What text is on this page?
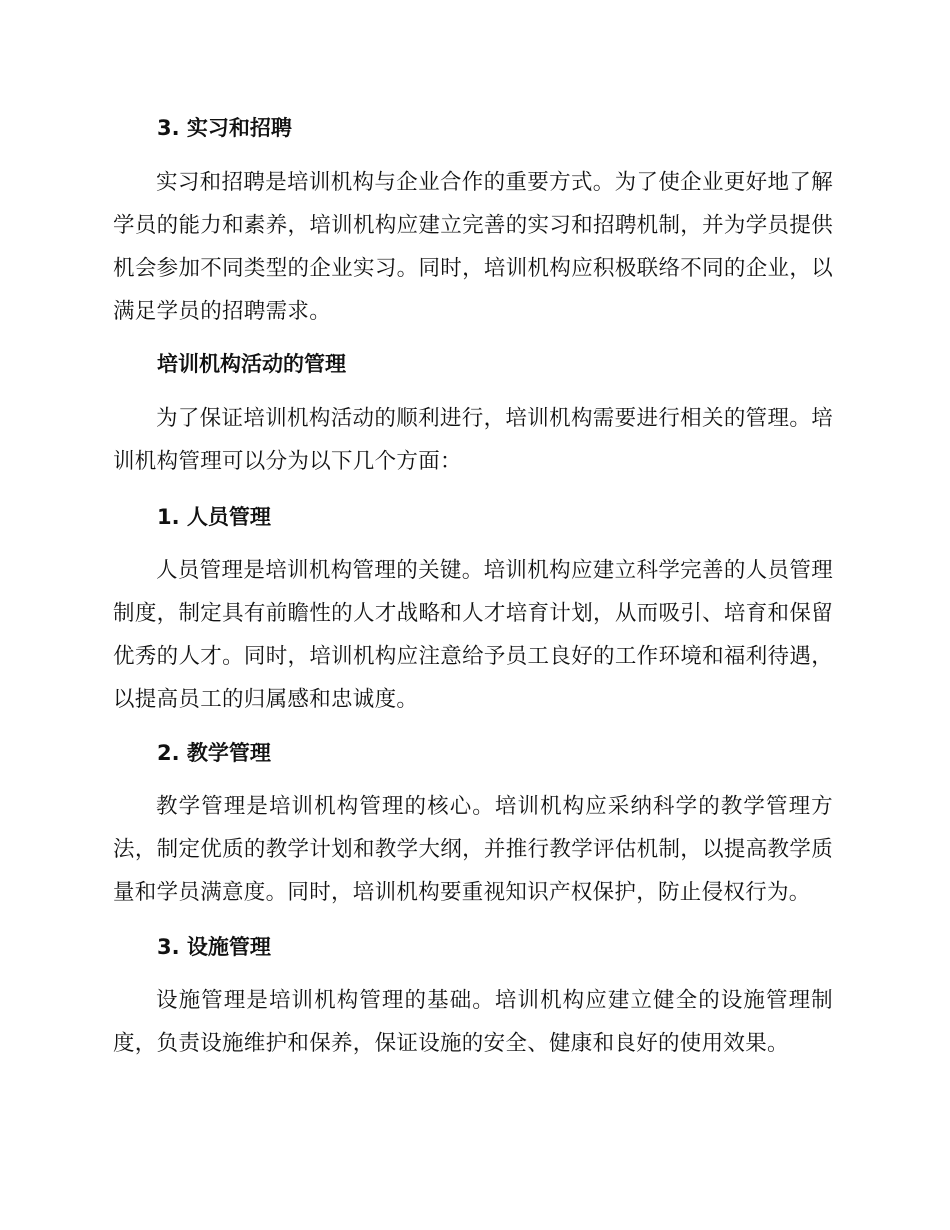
3. 实习和招聘
实习和招聘是培训机构与企业合作的重要方式。为了使企业更好地了解学员的能力和素养，培训机构应建立完善的实习和招聘机制，并为学员提供机会参加不同类型的企业实习。同时，培训机构应积极联络不同的企业，以满足学员的招聘需求。
培训机构活动的管理
为了保证培训机构活动的顺利进行，培训机构需要进行相关的管理。培训机构管理可以分为以下几个方面：
1. 人员管理
人员管理是培训机构管理的关键。培训机构应建立科学完善的人员管理制度，制定具有前瞻性的人才战略和人才培育计划，从而吸引、培育和保留优秀的人才。同时，培训机构应注意给予员工良好的工作环境和福利待遇，以提高员工的归属感和忠诚度。
2. 教学管理
教学管理是培训机构管理的核心。培训机构应采纳科学的教学管理方法，制定优质的教学计划和教学大纲，并推行教学评估机制，以提高教学质量和学员满意度。同时，培训机构要重视知识产权保护，防止侵权行为。
3. 设施管理
设施管理是培训机构管理的基础。培训机构应建立健全的设施管理制度，负责设施维护和保养，保证设施的安全、健康和良好的使用效果。
